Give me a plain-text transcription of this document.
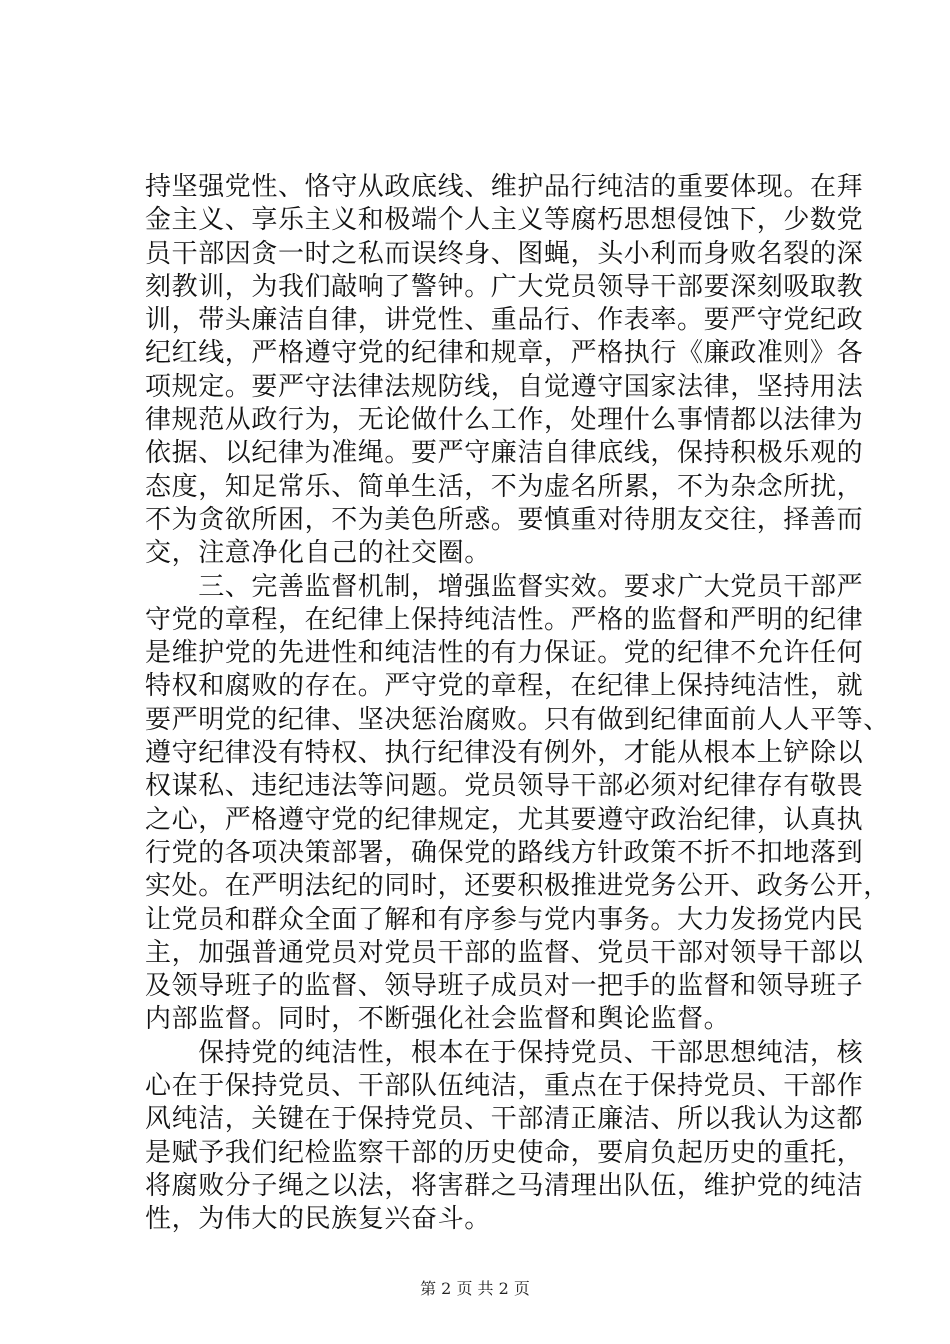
持坚强党性、恪守从政底线、维护品行纯洁的重要体现。在拜
金主义、享乐主义和极端个人主义等腐朽思想侵蚀下，少数党
员干部因贪一时之私而误终身、图蝇，头小利而身败名裂的深
刻教训，为我们敲响了警钟。广大党员领导干部要深刻吸取教
训，带头廉洁自律，讲党性、重品行、作表率。要严守党纪政
纪红线，严格遵守党的纪律和规章，严格执行《廉政准则》各
项规定。要严守法律法规防线，自觉遵守国家法律，坚持用法
律规范从政行为，无论做什么工作，处理什么事情都以法律为
依据、以纪律为准绳。要严守廉洁自律底线，保持积极乐观的
态度，知足常乐、简单生活，不为虚名所累，不为杂念所扰，
不为贪欲所困，不为美色所惑。要慎重对待朋友交往，择善而
交，注意净化自己的社交圈。
　　三、完善监督机制，增强监督实效。要求广大党员干部严
守党的章程，在纪律上保持纯洁性。严格的监督和严明的纪律
是维护党的先进性和纯洁性的有力保证。党的纪律不允许任何
特权和腐败的存在。严守党的章程，在纪律上保持纯洁性，就
要严明党的纪律、坚决惩治腐败。只有做到纪律面前人人平等、
遵守纪律没有特权、执行纪律没有例外，才能从根本上铲除以
权谋私、违纪违法等问题。党员领导干部必须对纪律存有敬畏
之心，严格遵守党的纪律规定，尤其要遵守政治纪律，认真执
行党的各项决策部署，确保党的路线方针政策不折不扣地落到
实处。在严明法纪的同时，还要积极推进党务公开、政务公开，
让党员和群众全面了解和有序参与党内事务。大力发扬党内民
主，加强普通党员对党员干部的监督、党员干部对领导干部以
及领导班子的监督、领导班子成员对一把手的监督和领导班子
内部监督。同时，不断强化社会监督和舆论监督。
　　保持党的纯洁性，根本在于保持党员、干部思想纯洁，核
心在于保持党员、干部队伍纯洁，重点在于保持党员、干部作
风纯洁，关键在于保持党员、干部清正廉洁、所以我认为这都
是赋予我们纪检监察干部的历史使命，要肩负起历史的重托，
将腐败分子绳之以法，将害群之马清理出队伍，维护党的纯洁
性，为伟大的民族复兴奋斗。
第 2 页 共 2 页
